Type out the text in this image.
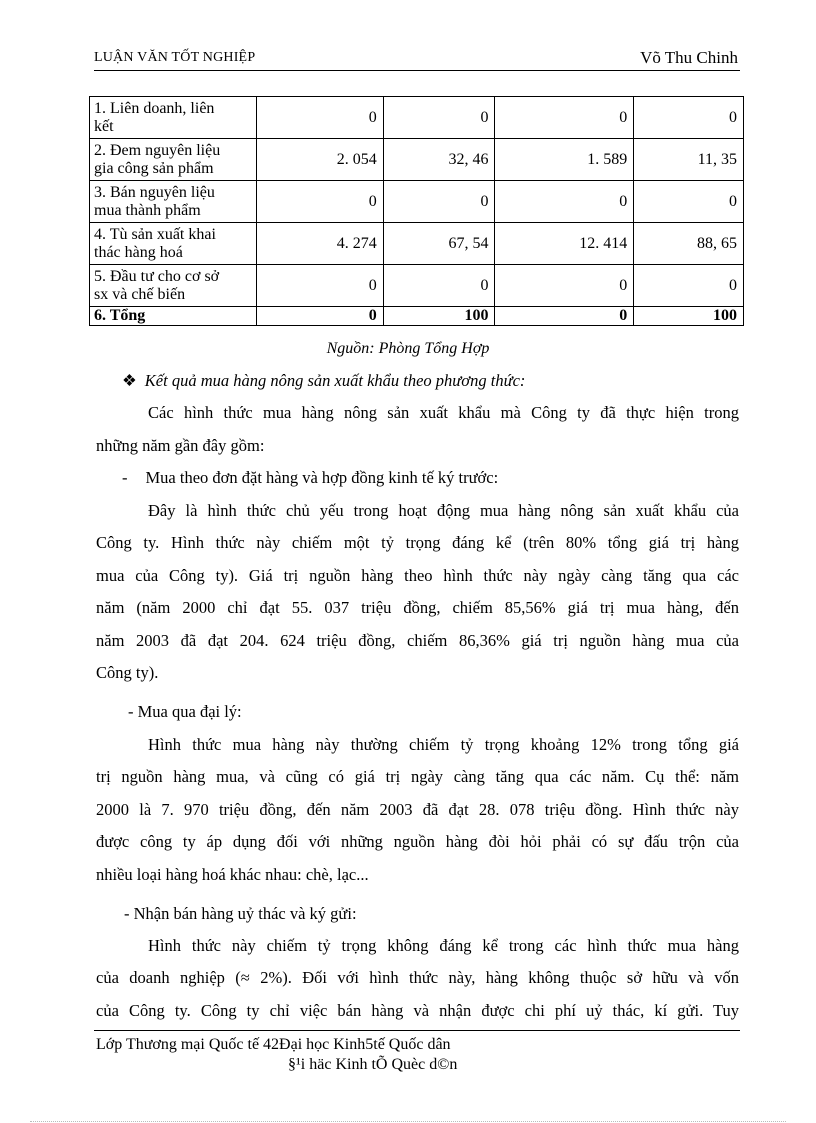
LUẬN VĂN TỐT NGHIỆP	Võ Thu Chinh
1. Liên doanh, liên
kết	0	0	0	0
2. Đem nguyên liệu
gia công sản phẩm	2. 054	32, 46	1. 589	11, 35
3. Bán nguyên liệu
mua thành phẩm	0	0	0	0
4. Tù sản xuất khai
thác hàng hoá	4. 274	67, 54	12. 414	88, 65
5. Đầu tư cho cơ sở
sx và chế biến	0	0	0	0
6. Tổng	0	100	0	100
Nguồn: Phòng Tổng Hợp
❖ Kết quả mua hàng nông sản xuất khẩu theo phương thức:
Các hình thức mua hàng nông sản xuất khẩu mà Công ty đã thực hiện trong
những năm gần đây gồm:
- Mua theo đơn đặt hàng và hợp đồng kinh tế ký trước:
Đây là hình thức chủ yếu trong hoạt động mua hàng nông sản xuất khẩu của
Công ty. Hình thức này chiếm một tỷ trọng đáng kể (trên 80% tổng giá trị hàng
mua của Công ty). Giá trị nguồn hàng theo hình thức này ngày càng tăng qua các
năm (năm 2000 chỉ đạt 55. 037 triệu đồng, chiếm 85,56% giá trị mua hàng, đến
năm 2003 đã đạt 204. 624 triệu đồng, chiếm 86,36% giá trị nguồn hàng mua của
Công ty).
- Mua qua đại lý:
Hình thức mua hàng này thường chiếm tỷ trọng khoảng 12% trong tổng giá
trị nguồn hàng mua, và cũng có giá trị ngày càng tăng qua các năm. Cụ thể: năm
2000 là 7. 970 triệu đồng, đến năm 2003 đã đạt 28. 078 triệu đồng. Hình thức này
được công ty áp dụng đối với những nguồn hàng đòi hỏi phải có sự đấu trộn của
nhiều loại hàng hoá khác nhau: chè, lạc...
- Nhận bán hàng uỷ thác và ký gửi:
Hình thức này chiếm tỷ trọng không đáng kể trong các hình thức mua hàng
của doanh nghiệp (≈ 2%). Đối với hình thức này, hàng không thuộc sở hữu và vốn
của Công ty. Công ty chỉ việc bán hàng và nhận được chi phí uỷ thác, kí gửi. Tuy
Lớp Thương mại Quốc tế 42Đại học Kinh5tế Quốc dân
§¹i häc Kinh tÕ Quèc d©n
